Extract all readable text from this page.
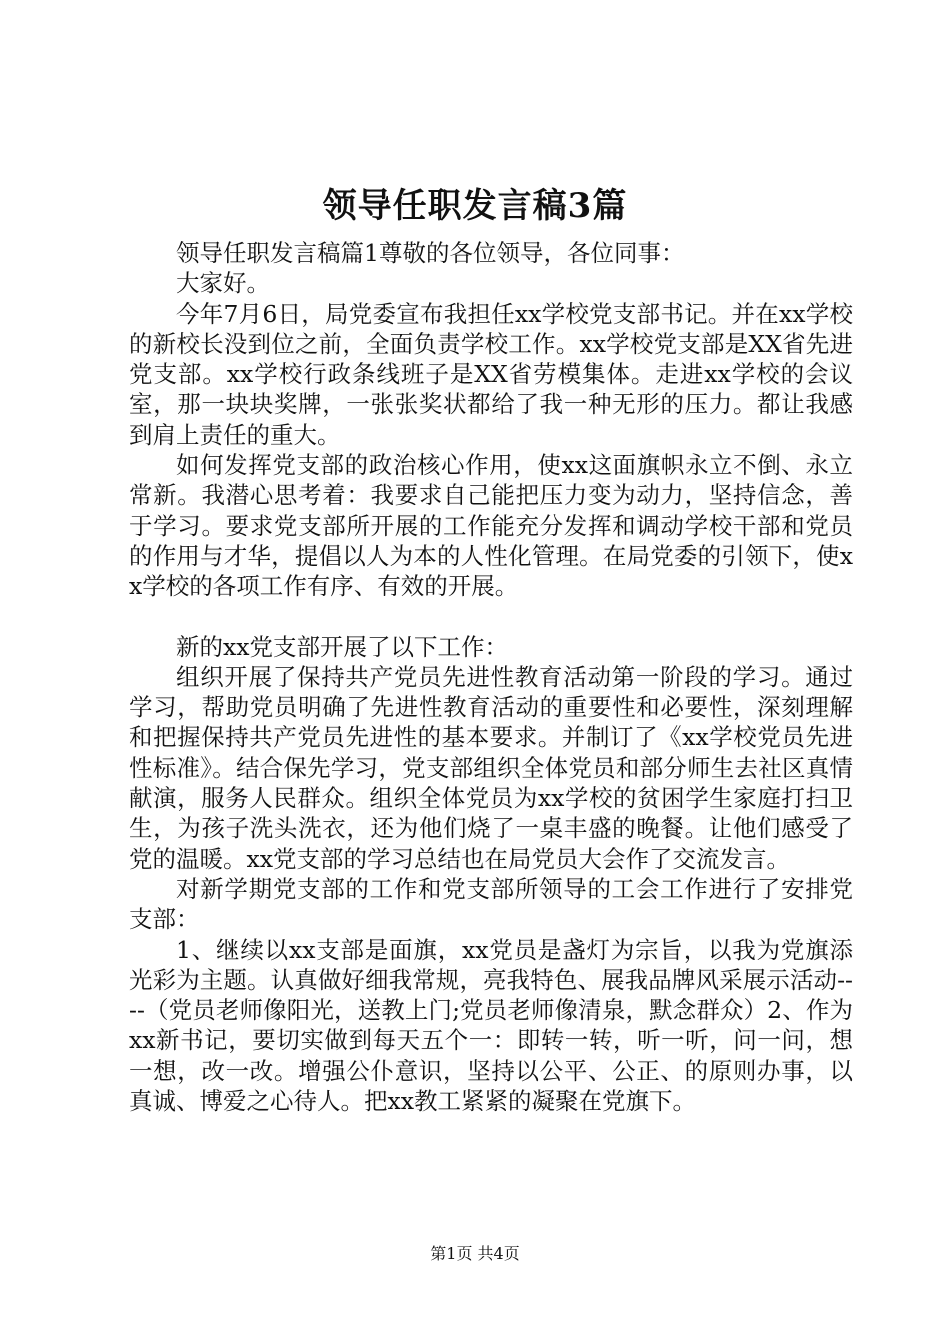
领导任职发言稿3篇

领导任职发言稿篇1尊敬的各位领导，各位同事：

大家好。

今年7月6日，局党委宣布我担任xx学校党支部书记。并在xx学校的新校长没到位之前，全面负责学校工作。xx学校党支部是XX省先进党支部。xx学校行政条线班子是XX省劳模集体。走进xx学校的会议室，那一块块奖牌，一张张奖状都给了我一种无形的压力。都让我感到肩上责任的重大。

如何发挥党支部的政治核心作用，使xx这面旗帜永立不倒、永立常新。我潜心思考着：我要求自己能把压力变为动力，坚持信念，善于学习。要求党支部所开展的工作能充分发挥和调动学校干部和党员的作用与才华，提倡以人为本的人性化管理。在局党委的引领下，使xx学校的各项工作有序、有效的开展。

新的xx党支部开展了以下工作：

组织开展了保持共产党员先进性教育活动第一阶段的学习。通过学习，帮助党员明确了先进性教育活动的重要性和必要性，深刻理解和把握保持共产党员先进性的基本要求。并制订了《xx学校党员先进性标准》。结合保先学习，党支部组织全体党员和部分师生去社区真情献演，服务人民群众。组织全体党员为xx学校的贫困学生家庭打扫卫生，为孩子洗头洗衣，还为他们烧了一桌丰盛的晚餐。让他们感受了党的温暖。xx党支部的学习总结也在局党员大会作了交流发言。

对新学期党支部的工作和党支部所领导的工会工作进行了安排党支部：

1、继续以xx支部是面旗，xx党员是盏灯为宗旨，以我为党旗添光彩为主题。认真做好细我常规，亮我特色、展我品牌风采展示活动----（党员老师像阳光，送教上门;党员老师像清泉，默念群众）2、作为xx新书记，要切实做到每天五个一：即转一转，听一听，问一问，想一想，改一改。增强公仆意识，坚持以公平、公正、的原则办事，以真诚、博爱之心待人。把xx教工紧紧的凝聚在党旗下。

第1页 共4页
